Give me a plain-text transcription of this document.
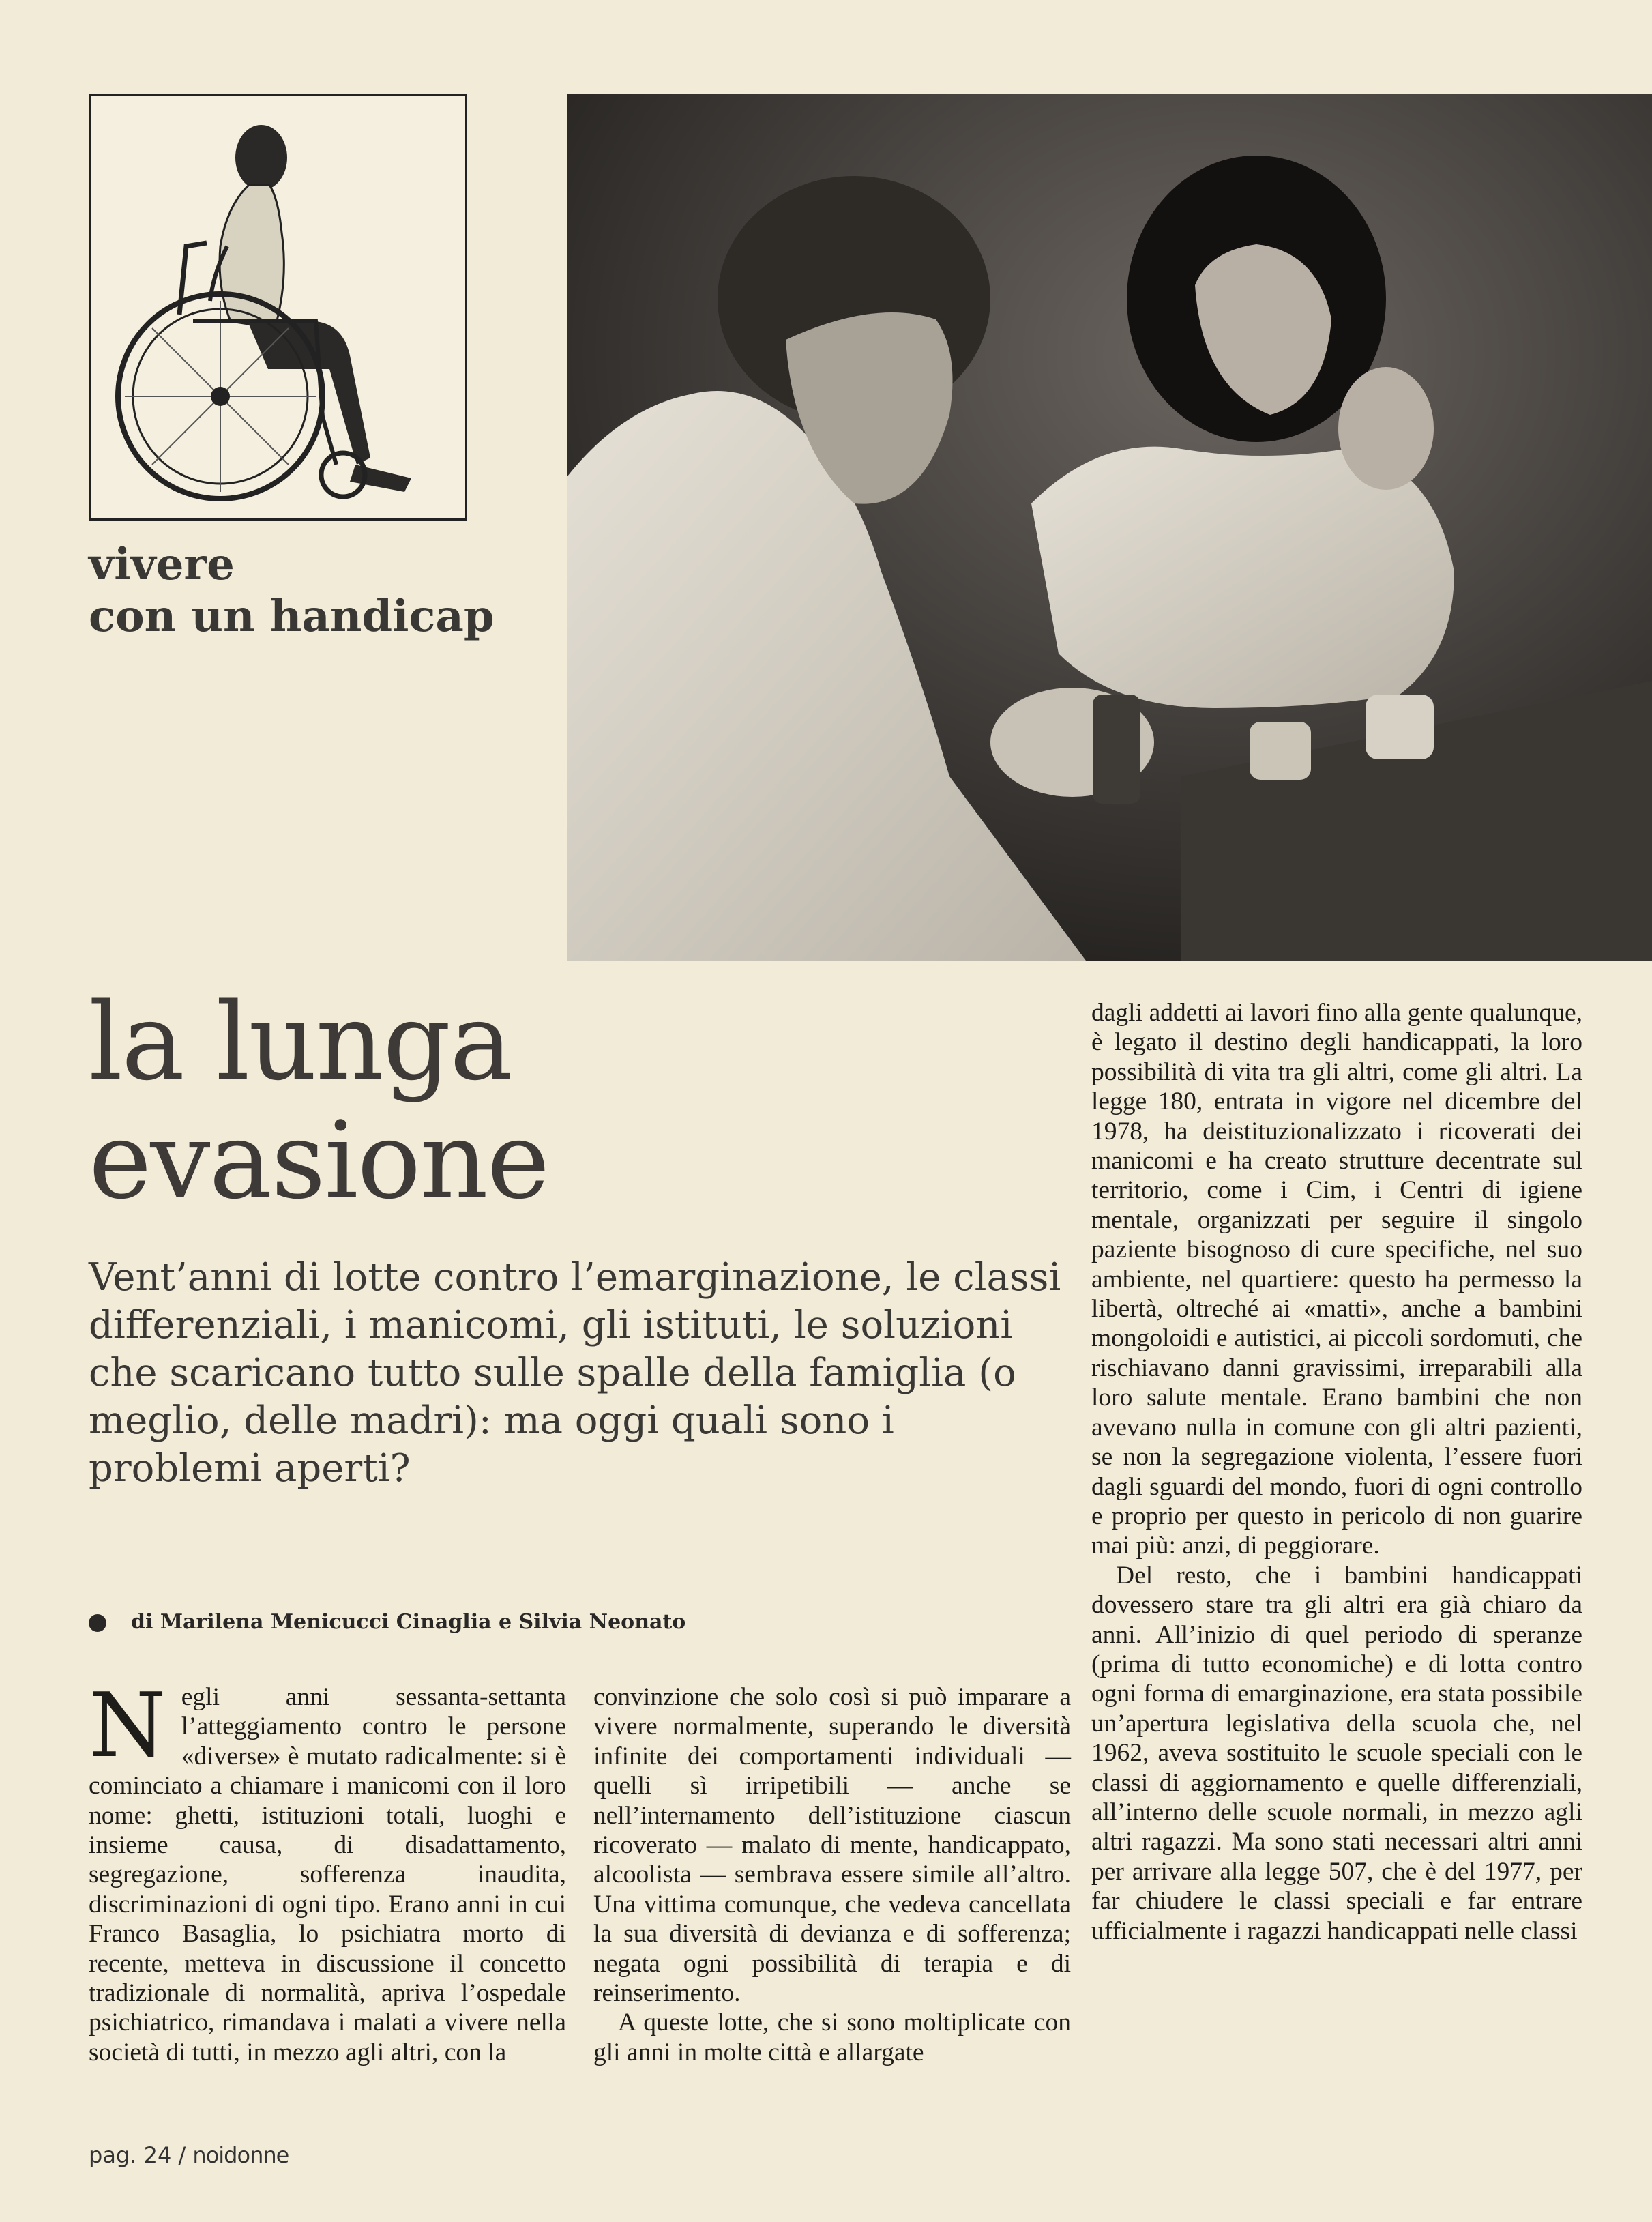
vivere
con un handicap
la lunga
evasione
Vent’anni di lotte contro l’emarginazione, le classi differenziali, i manicomi, gli istituti, le soluzioni che scaricano tutto sulle spalle della famiglia (o meglio, delle madri): ma oggi quali sono i problemi aperti?
di Marilena Menicucci Cinaglia e Silvia Neonato
N egli anni sessanta-settanta l’atteggiamento contro le persone «diverse» è mutato radicalmente: si è cominciato a chiamare i manicomi con il loro nome: ghetti, istituzioni totali, luoghi e insieme causa, di disadattamento, segregazione, sofferenza inaudita, discriminazioni di ogni tipo. Erano anni in cui Franco Basaglia, lo psichiatra morto di recente, metteva in discussione il concetto tradizionale di normalità, apriva l’ospedale psichiatrico, rimandava i malati a vivere nella società di tutti, in mezzo agli altri, con la

convinzione che solo così si può imparare a vivere normalmente, superando le diversità infinite dei comportamenti individuali — quelli sì irripetibili — anche se nell’internamento dell’istituzione ciascun ricoverato — malato di mente, handicappato, alcoolista — sembrava essere simile all’altro. Una vittima comunque, che vedeva cancellata la sua diversità di devianza e di sofferenza; negata ogni possibilità di terapia e di reinserimento.

A queste lotte, che si sono moltiplicate con gli anni in molte città e allargate

dagli addetti ai lavori fino alla gente qualunque, è legato il destino degli handicappati, la loro possibilità di vita tra gli altri, come gli altri. La legge 180, entrata in vigore nel dicembre del 1978, ha deistituzionalizzato i ricoverati dei manicomi e ha creato strutture decentrate sul territorio, come i Cim, i Centri di igiene mentale, organizzati per seguire il singolo paziente bisognoso di cure specifiche, nel suo ambiente, nel quartiere: questo ha permesso la libertà, oltreché ai «matti», anche a bambini mongoloidi e autistici, ai piccoli sordomuti, che rischiavano danni gravissimi, irreparabili alla loro salute mentale. Erano bambini che non avevano nulla in comune con gli altri pazienti, se non la segregazione violenta, l’essere fuori dagli sguardi del mondo, fuori di ogni controllo e proprio per questo in pericolo di non guarire mai più: anzi, di peggiorare.

Del resto, che i bambini handicappati dovessero stare tra gli altri era già chiaro da anni. All’inizio di quel periodo di speranze (prima di tutto economiche) e di lotta contro ogni forma di emarginazione, era stata possibile un’apertura legislativa della scuola che, nel 1962, aveva sostituito le scuole speciali con le classi di aggiornamento e quelle differenziali, all’interno delle scuole normali, in mezzo agli altri ragazzi. Ma sono stati necessari altri anni per arrivare alla legge 507, che è del 1977, per far chiudere le classi speciali e far entrare ufficialmente i ragazzi handicappati nelle classi

pag. 24 / noidonne
